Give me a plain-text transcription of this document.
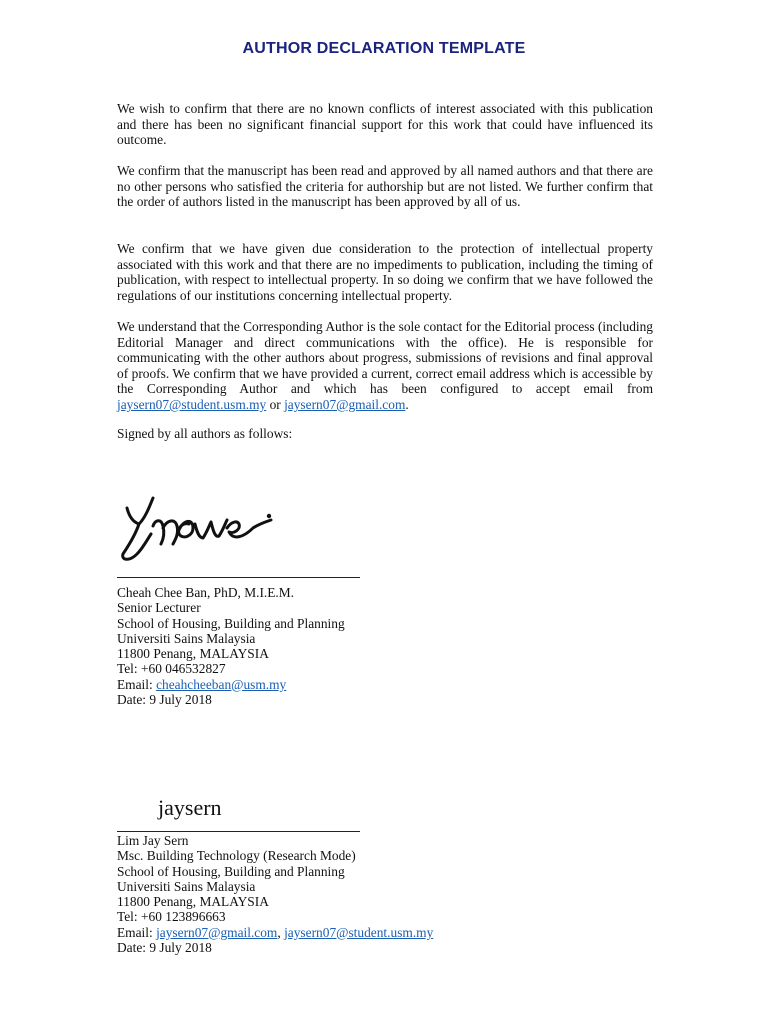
AUTHOR DECLARATION TEMPLATE

We wish to confirm that there are no known conflicts of interest associated with this publication and there has been no significant financial support for this work that could have influenced its outcome.

We confirm that the manuscript has been read and approved by all named authors and that there are no other persons who satisfied the criteria for authorship but are not listed. We further confirm that the order of authors listed in the manuscript has been approved by all of us.

We confirm that we have given due consideration to the protection of intellectual property associated with this work and that there are no impediments to publication, including the timing of publication, with respect to intellectual property. In so doing we confirm that we have followed the regulations of our institutions concerning intellectual property.

We understand that the Corresponding Author is the sole contact for the Editorial process (including Editorial Manager and direct communications with the office). He is responsible for communicating with the other authors about progress, submissions of revisions and final approval of proofs. We confirm that we have provided a current, correct email address which is accessible by the Corresponding Author and which has been configured to accept email from jaysern07@student.usm.my or jaysern07@gmail.com.

Signed by all authors as follows:

Cheah Chee Ban, PhD, M.I.E.M.
Senior Lecturer
School of Housing, Building and Planning
Universiti Sains Malaysia
11800 Penang, MALAYSIA
Tel: +60 046532827
Email: cheahcheeban@usm.my
Date: 9 July 2018
jaysern
Lim Jay Sern
Msc. Building Technology (Research Mode)
School of Housing, Building and Planning
Universiti Sains Malaysia
11800 Penang, MALAYSIA
Tel: +60 123896663
Email: jaysern07@gmail.com, jaysern07@student.usm.my
Date: 9 July 2018
